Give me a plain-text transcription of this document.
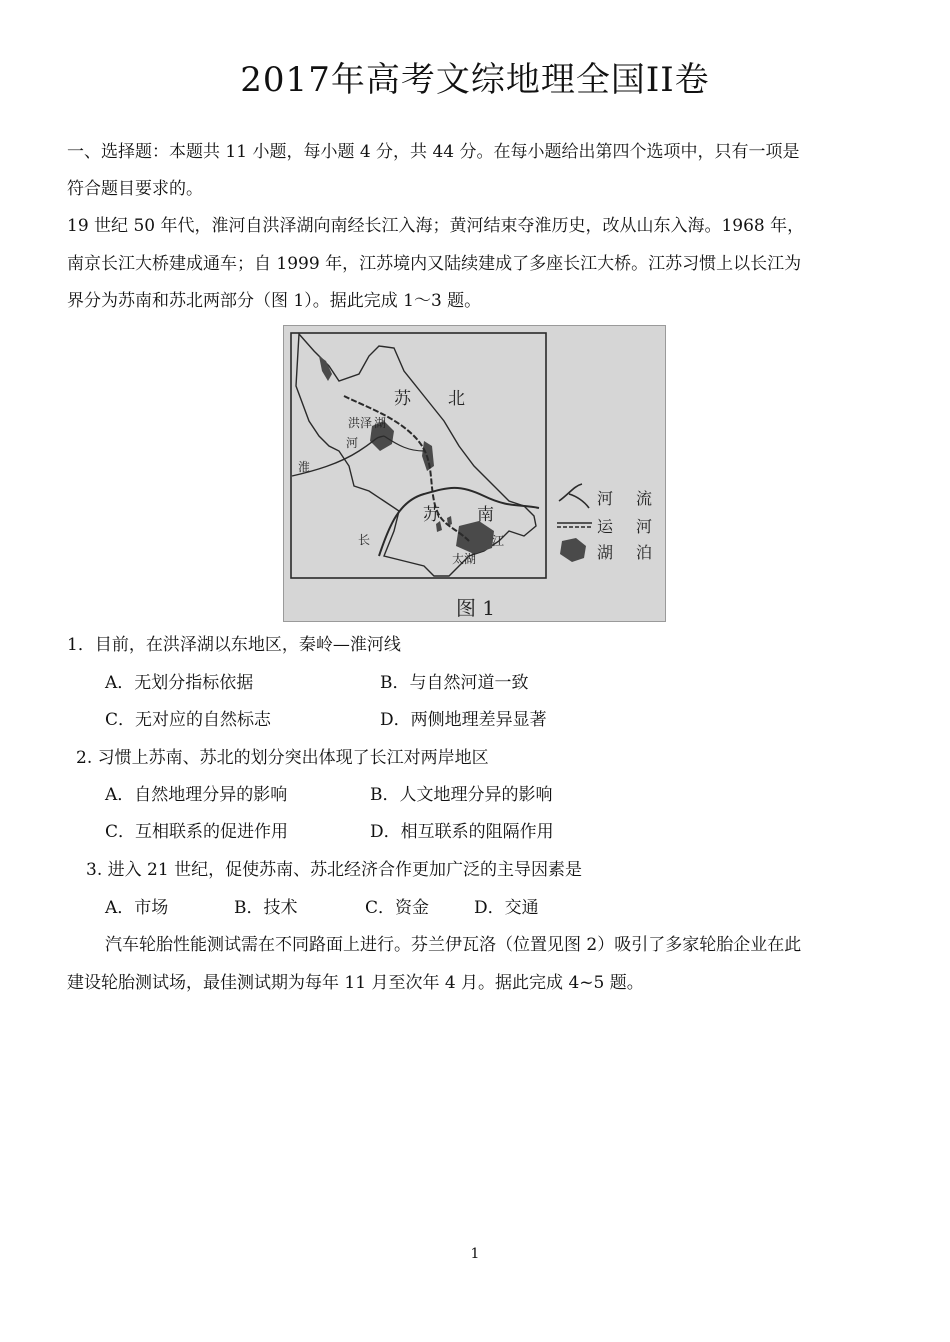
2017年高考文综地理全国II卷

一、选择题：本题共 11 小题，每小题 4 分，共 44 分。在每小题给出第四个选项中，只有一项是

符合题目要求的。

19 世纪 50 年代，淮河自洪泽湖向南经长江入海；黄河结束夺淮历史，改从山东入海。1968 年，

南京长江大桥建成通车；自 1999 年，江苏境内又陆续建成了多座长江大桥。江苏习惯上以长江为

界分为苏南和苏北两部分（图 1）。据此完成 1～3 题。

苏 北
洪泽 湖
河
淮
苏 南
长	江
太湖
河 流
运 河
湖 泊
图 1
1．目前，在洪泽湖以东地区，秦岭—淮河线
A．无划分指标依据	B．与自然河道一致
C．无对应的自然标志	D．两侧地理差异显著
2. 习惯上苏南、苏北的划分突出体现了长江对两岸地区
A．自然地理分异的影响	B．人文地理分异的影响
C．互相联系的促进作用	D．相互联系的阻隔作用
3. 进入 21 世纪，促使苏南、苏北经济合作更加广泛的主导因素是
A．市场	B．技术	C．资金	D．交通

汽车轮胎性能测试需在不同路面上进行。芬兰伊瓦洛（位置见图 2）吸引了多家轮胎企业在此

建设轮胎测试场，最佳测试期为每年 11 月至次年 4 月。据此完成 4~5 题。

1
